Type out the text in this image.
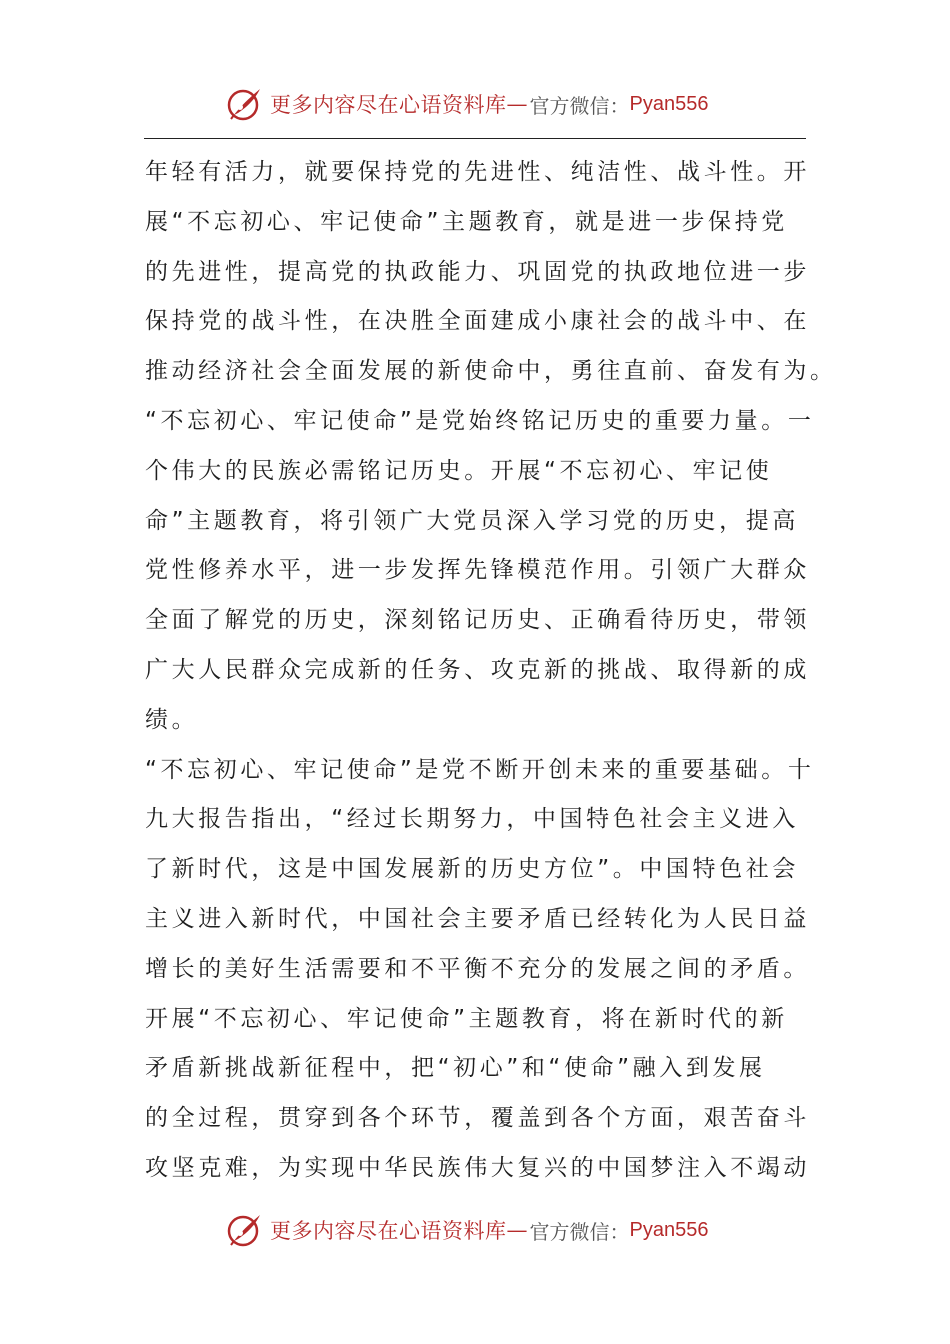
更多内容尽在心语资料库 — 官方微信： Pyan556
年轻有活力，就要保持党的先进性、纯洁性、战斗性。开
展“不忘初心、牢记使命”主题教育，就是进一步保持党
的先进性，提高党的执政能力、巩固党的执政地位进一步
保持党的战斗性，在决胜全面建成小康社会的战斗中、在
推动经济社会全面发展的新使命中，勇往直前、奋发有为。
“不忘初心、牢记使命”是党始终铭记历史的重要力量。一
个伟大的民族必需铭记历史。开展“不忘初心、牢记使
命”主题教育，将引领广大党员深入学习党的历史，提高
党性修养水平，进一步发挥先锋模范作用。引领广大群众
全面了解党的历史，深刻铭记历史、正确看待历史，带领
广大人民群众完成新的任务、攻克新的挑战、取得新的成
绩。
“不忘初心、牢记使命”是党不断开创未来的重要基础。十
九大报告指出，“经过长期努力，中国特色社会主义进入
了新时代，这是中国发展新的历史方位”。中国特色社会
主义进入新时代，中国社会主要矛盾已经转化为人民日益
增长的美好生活需要和不平衡不充分的发展之间的矛盾。
开展“不忘初心、牢记使命”主题教育，将在新时代的新
矛盾新挑战新征程中，把“初心”和“使命”融入到发展
的全过程，贯穿到各个环节，覆盖到各个方面，艰苦奋斗
攻坚克难，为实现中华民族伟大复兴的中国梦注入不竭动
更多内容尽在心语资料库 — 官方微信： Pyan556
